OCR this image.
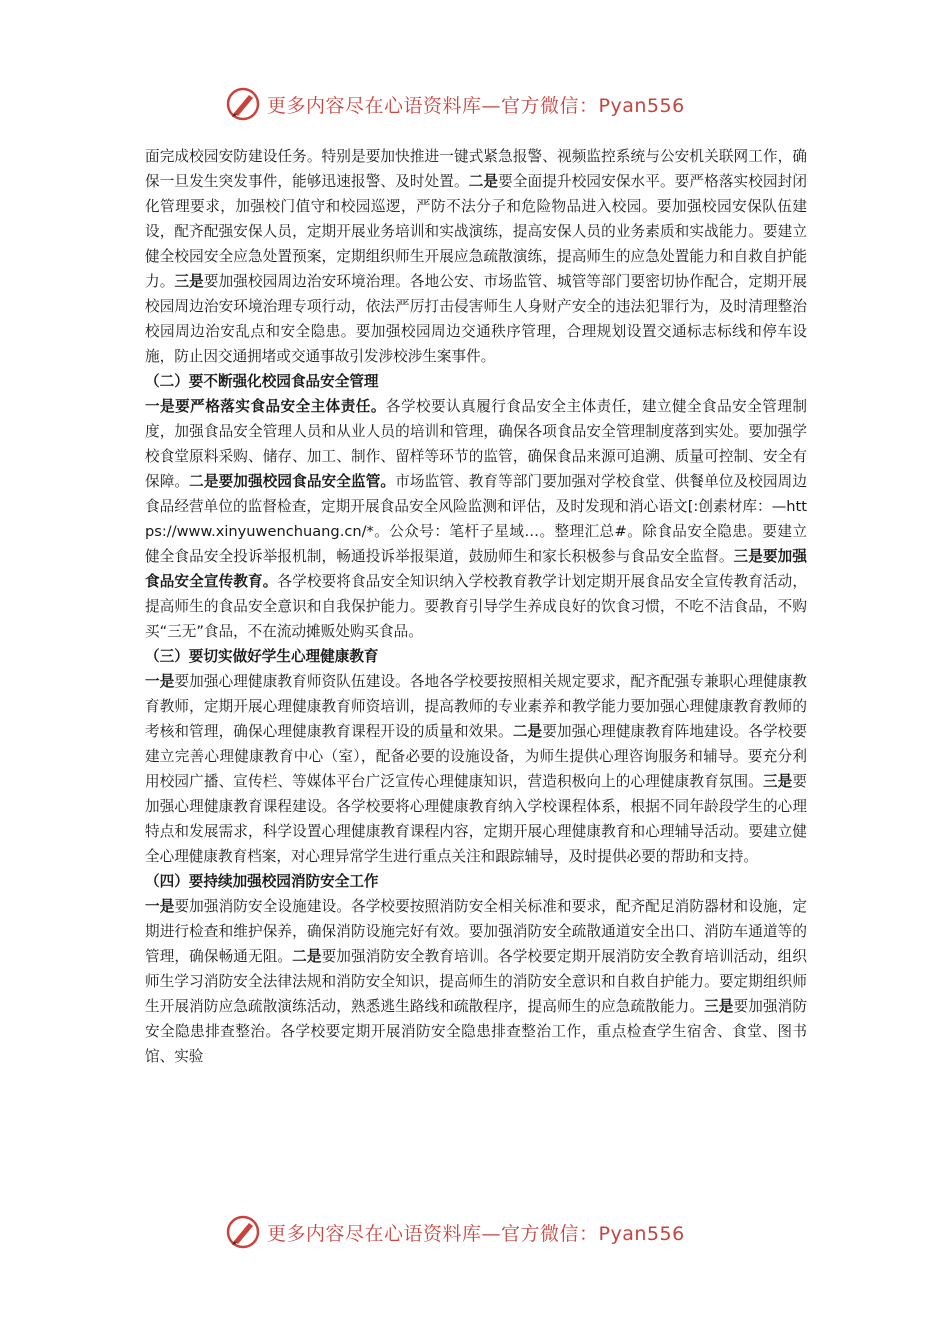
更多内容尽在心语资料库—官方微信：Pyan556

面完成校园安防建设任务。特别是要加快推进一键式紧急报警、视频监控系统与公安机关联网工作，确保一旦发生突发事件，能够迅速报警、及时处置。二是要全面提升校园安保水平。要严格落实校园封闭化管理要求，加强校门值守和校园巡逻，严防不法分子和危险物品进入校园。要加强校园安保队伍建设，配齐配强安保人员，定期开展业务培训和实战演练，提高安保人员的业务素质和实战能力。要建立健全校园安全应急处置预案，定期组织师生开展应急疏散演练，提高师生的应急处置能力和自救自护能力。三是要加强校园周边治安环境治理。各地公安、市场监管、城管等部门要密切协作配合，定期开展校园周边治安环境治理专项行动，依法严厉打击侵害师生人身财产安全的违法犯罪行为，及时清理整治校园周边治安乱点和安全隐患。要加强校园周边交通秩序管理，合理规划设置交通标志标线和停车设施，防止因交通拥堵或交通事故引发涉校涉生案事件。

（二）要不断强化校园食品安全管理

一是要严格落实食品安全主体责任。各学校要认真履行食品安全主体责任，建立健全食品安全管理制度，加强食品安全管理人员和从业人员的培训和管理，确保各项食品安全管理制度落到实处。要加强学校食堂原料采购、储存、加工、制作、留样等环节的监管，确保食品来源可追溯、质量可控制、安全有保障。二是要加强校园食品安全监管。市场监管、教育等部门要加强对学校食堂、供餐单位及校园周边食品经营单位的监督检查，定期开展食品安全风险监测和评估，及时发现和消心语文[:创素材库：—https://www.xinyuwenchuang.cn/*。公众号：笔杆子星域…。整理汇总#。除食品安全隐患。要建立健全食品安全投诉举报机制，畅通投诉举报渠道，鼓励师生和家长积极参与食品安全监督。三是要加强食品安全宣传教育。各学校要将食品安全知识纳入学校教育教学计划定期开展食品安全宣传教育活动，提高师生的食品安全意识和自我保护能力。要教育引导学生养成良好的饮食习惯，不吃不洁食品，不购买“三无”食品，不在流动摊贩处购买食品。

（三）要切实做好学生心理健康教育

一是要加强心理健康教育师资队伍建设。各地各学校要按照相关规定要求，配齐配强专兼职心理健康教育教师，定期开展心理健康教育师资培训，提高教师的专业素养和教学能力要加强心理健康教育教师的考核和管理，确保心理健康教育课程开设的质量和效果。二是要加强心理健康教育阵地建设。各学校要建立完善心理健康教育中心（室），配备必要的设施设备，为师生提供心理咨询服务和辅导。要充分利用校园广播、宣传栏、等媒体平台广泛宣传心理健康知识，营造积极向上的心理健康教育氛围。三是要加强心理健康教育课程建设。各学校要将心理健康教育纳入学校课程体系，根据不同年龄段学生的心理特点和发展需求，科学设置心理健康教育课程内容，定期开展心理健康教育和心理辅导活动。要建立健全心理健康教育档案，对心理异常学生进行重点关注和跟踪辅导，及时提供必要的帮助和支持。

（四）要持续加强校园消防安全工作

一是要加强消防安全设施建设。各学校要按照消防安全相关标准和要求，配齐配足消防器材和设施，定期进行检查和维护保养，确保消防设施完好有效。要加强消防安全疏散通道安全出口、消防车通道等的管理，确保畅通无阻。二是要加强消防安全教育培训。各学校要定期开展消防安全教育培训活动，组织师生学习消防安全法律法规和消防安全知识，提高师生的消防安全意识和自救自护能力。要定期组织师生开展消防应急疏散演练活动，熟悉逃生路线和疏散程序，提高师生的应急疏散能力。三是要加强消防安全隐患排查整治。各学校要定期开展消防安全隐患排查整治工作，重点检查学生宿舍、食堂、图书馆、实验

更多内容尽在心语资料库—官方微信：Pyan556
